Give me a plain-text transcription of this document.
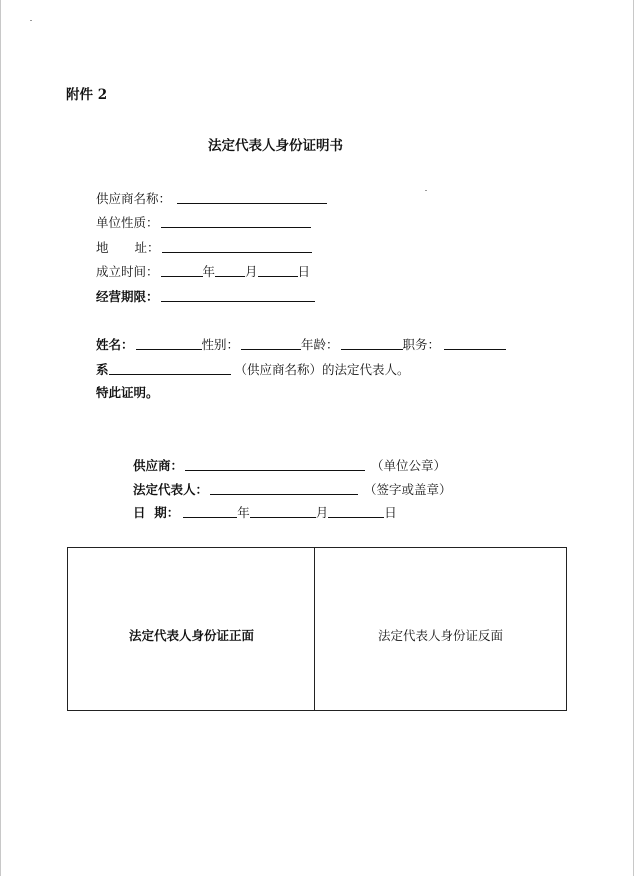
附件 2
法定代表人身份证明书
供应商名称：
单位性质：
地 址：
成立时间：	年 月	日
经营期限：
姓名：	性别：	年龄：	职务：
系	（供应商名称）的法定代表人。
特此证明。
供应商：	（单位公章）
法定代表人：	（签字或盖章）
日  期：	年	月	日
法定代表人身份证正面	法定代表人身份证反面
